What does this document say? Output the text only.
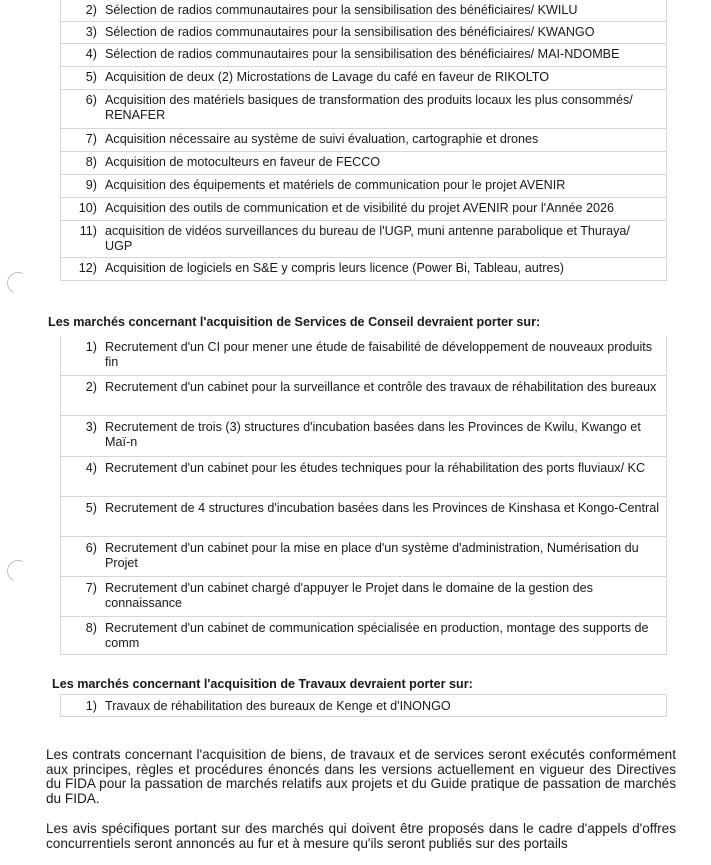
2) Sélection de radios communautaires pour la sensibilisation des bénéficiaires/ KWILU
3) Sélection de radios communautaires pour la sensibilisation des bénéficiaires/ KWANGO
4) Sélection de radios communautaires pour la sensibilisation des bénéficiaires/ MAI-NDOMBE
5) Acquisition de deux (2) Microstations de Lavage du café en faveur de RIKOLTO
6) Acquisition des matériels basiques de transformation des produits locaux les plus consommés/ RENAFER
7) Acquisition nécessaire au système de suivi évaluation, cartographie et drones
8) Acquisition de motoculteurs en faveur de FECCO
9) Acquisition des équipements et matériels de communication pour le projet AVENIR
10) Acquisition des outils de communication et de visibilité du projet AVENIR pour l'Année 2026
11) acquisition de vidéos surveillances du bureau de l'UGP, muni antenne parabolique et Thuraya/ UGP
12) Acquisition de logiciels en S&E y compris leurs licence (Power Bi, Tableau, autres)
Les marchés concernant l'acquisition de Services de Conseil devraient porter sur:
1) Recrutement d'un CI pour mener une étude de faisabilité de développement de nouveaux produits fin
2) Recrutement d'un cabinet pour la surveillance et contrôle des travaux de réhabilitation des bureaux
3) Recrutement de trois (3) structures d'incubation basées dans les Provinces de Kwilu, Kwango et Maï-n
4) Recrutement d'un cabinet pour les études techniques pour la réhabilitation des ports fluviaux/ KC
5) Recrutement de 4 structures d'incubation basées dans les Provinces de Kinshasa et Kongo-Central
6) Recrutement d'un cabinet pour la mise en place d'un système d'administration, Numérisation du Projet
7) Recrutement d'un cabinet chargé d'appuyer le Projet dans le domaine de la gestion des connaissance
8) Recrutement d'un cabinet de communication spécialisée en production, montage des supports de comm
Les marchés concernant l'acquisition de Travaux devraient porter sur:
1) Travaux de réhabilitation des bureaux de Kenge et d'INONGO
Les contrats concernant l'acquisition de biens, de travaux et de services seront exécutés conformément aux principes, règles et procédures énoncés dans les versions actuellement en vigueur des Directives du FIDA pour la passation de marchés relatifs aux projets et du Guide pratique de passation de marchés du FIDA.
Les avis spécifiques portant sur des marchés qui doivent être proposés dans le cadre d'appels d'offres concurrentiels seront annoncés au fur et à mesure qu'ils seront publiés sur des portails
